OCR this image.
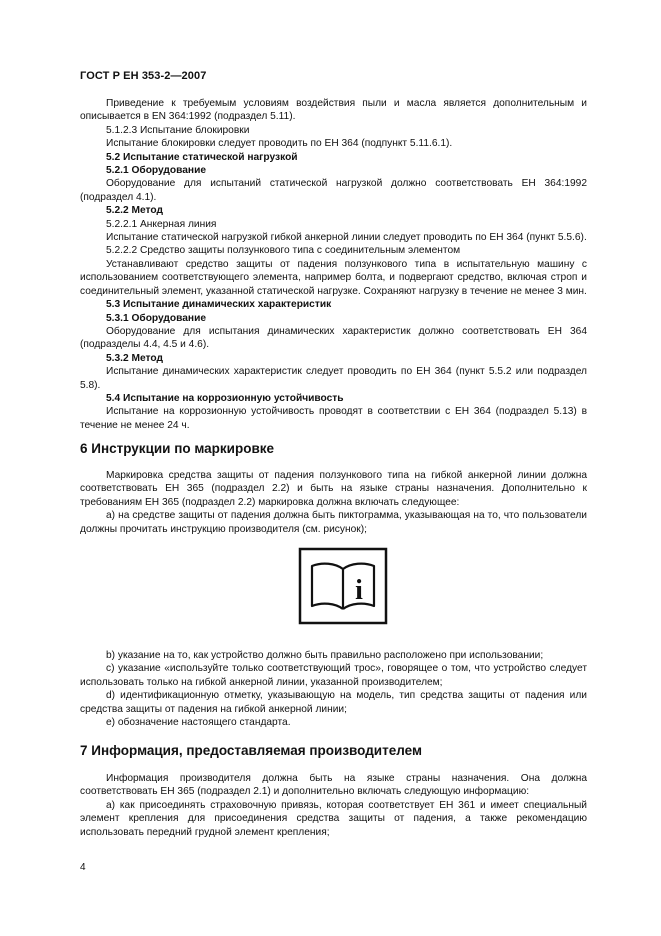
ГОСТ Р ЕН 353-2—2007

Приведение к требуемым условиям воздействия пыли и масла является дополнительным и описывается в EN 364:1992 (подраздел 5.11).

5.1.2.3 Испытание блокировки

Испытание блокировки следует проводить по ЕН 364 (подпункт 5.11.6.1).

5.2 Испытание статической нагрузкой

5.2.1 Оборудование

Оборудование для испытаний статической нагрузкой должно соответствовать ЕН 364:1992 (подраздел 4.1).

5.2.2 Метод

5.2.2.1 Анкерная линия

Испытание статической нагрузкой гибкой анкерной линии следует проводить по ЕН 364 (пункт 5.5.6).

5.2.2.2 Средство защиты ползункового типа с соединительным элементом

Устанавливают средство защиты от падения ползункового типа в испытательную машину с использованием соответствующего элемента, например болта, и подвергают средство, включая строп и соединительный элемент, указанной статической нагрузке. Сохраняют нагрузку в течение не менее 3 мин.

5.3 Испытание динамических характеристик

5.3.1 Оборудование

Оборудование для испытания динамических характеристик должно соответствовать ЕН 364 (подразделы 4.4, 4.5 и 4.6).

5.3.2 Метод

Испытание динамических характеристик следует проводить по ЕН 364 (пункт 5.5.2 или подраздел 5.8).

5.4 Испытание на коррозионную устойчивость

Испытание на коррозионную устойчивость проводят в соответствии с ЕН 364 (подраздел 5.13) в течение не менее 24 ч.

6 Инструкции по маркировке

Маркировка средства защиты от падения ползункового типа на гибкой анкерной линии должна соответствовать ЕН 365 (подраздел 2.2) и быть на языке страны назначения. Дополнительно к требованиям ЕН 365 (подраздел 2.2) маркировка должна включать следующее:

а) на средстве защиты от падения должна быть пиктограмма, указывающая на то, что пользователи должны прочитать инструкцию производителя (см. рисунок);

i

b) указание на то, как устройство должно быть правильно расположено при использовании;

с) указание «используйте только соответствующий трос», говорящее о том, что устройство следует использовать только на гибкой анкерной линии, указанной производителем;

d) идентификационную отметку, указывающую на модель, тип средства защиты от падения или средства защиты от падения на гибкой анкерной линии;

е) обозначение настоящего стандарта.

7 Информация, предоставляемая производителем

Информация производителя должна быть на языке страны назначения. Она должна соответствовать ЕН 365 (подраздел 2.1) и дополнительно включать следующую информацию:

а) как присоединять страховочную привязь, которая соответствует ЕН 361 и имеет специальный элемент крепления для присоединения средства защиты от падения, а также рекомендацию использовать передний грудной элемент крепления;

4
